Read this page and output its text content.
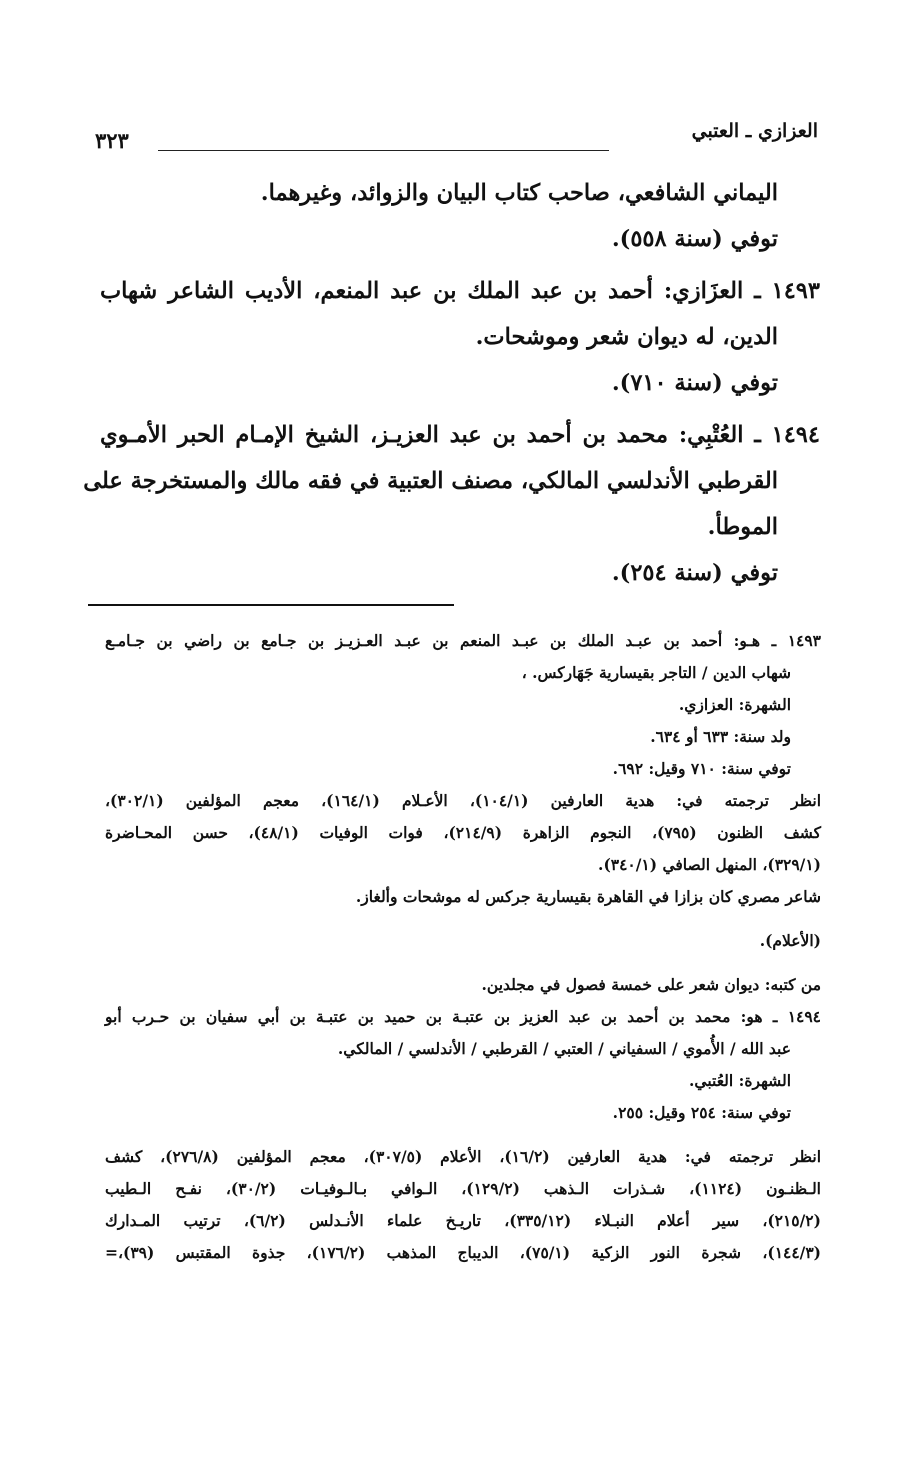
العزازي ـ العتبي
٣٢٣
اليماني الشافعي، صاحب كتاب البيان والزوائد، وغيرهما.
توفي (سنة ٥٥٨).
١٤٩٣ ـ العزَازي: أحمد بن عبد الملك بن عبد المنعم، الأديب الشاعر شهاب
الدين، له ديوان شعر وموشحات.
توفي (سنة ٧١٠).
١٤٩٤ ـ العُتْبِي: محمد بن أحمد بن عبد العزيـز، الشيخ الإمـام الحبر الأمـوي
القرطبي الأندلسي المالكي، مصنف العتبية في فقه مالك والمستخرجة على
الموطأ.
توفي (سنة ٢٥٤).
١٤٩٣ ـ هـو: أحمد بن عبـد الملك بن عبـد المنعم بن عبـد العـزيـز بن جـامع بن راضي بن جـامـع
شهاب الدين / التاجر بقيسارية جَهَاركس. ،
الشهرة: العزازي.
ولد سنة: ٦٣٣ أو ٦٣٤.
توفي سنة: ٧١٠ وقيل: ٦٩٢.
انظر ترجمته في: هدية العارفين (١٠٤/١)، الأعـلام (١٦٤/١)، معجم المؤلفين (٣٠٢/١)،
كشف الظنون (٧٩٥)، النجوم الزاهرة (٢١٤/٩)، فوات الوفيات (٤٨/١)، حسن المحـاضرة
(٣٢٩/١)، المنهل الصافي (٣٤٠/١).
شاعر مصري كان بزازا في القاهرة بقيسارية جركس له موشحات وألغاز.
(الأعلام).
من كتبه: ديوان شعر على خمسة فصول في مجلدين.
١٤٩٤ ـ هو: محمد بن أحمد بن عبد العزيز بن عتبـة بن حميد بن عتبـة بن أبي سفيان بن حـرب أبو
عبد الله / الأُموي / السفياني / العتبي / القرطبي / الأندلسي / المالكي.
الشهرة: العُتبي.
توفي سنة: ٢٥٤ وقيل: ٢٥٥.
انظر ترجمته في: هدية العارفين (١٦/٢)، الأعلام (٣٠٧/٥)، معجم المؤلفين (٢٧٦/٨)، كشف
الـظنـون (١١٢٤)، شـذرات الـذهب (١٢٩/٢)، الـوافي بـالـوفيـات (٣٠/٢)، نفـح الـطيب
(٢١٥/٢)، سير أعلام النبـلاء (٣٣٥/١٢)، تاريـخ علماء الأنـدلس (٦/٢)، ترتيب المـدارك
(١٤٤/٣)، شجرة النور الزكية (٧٥/١)، الديباج المذهب (١٧٦/٢)، جذوة المقتبس (٣٩)،=
